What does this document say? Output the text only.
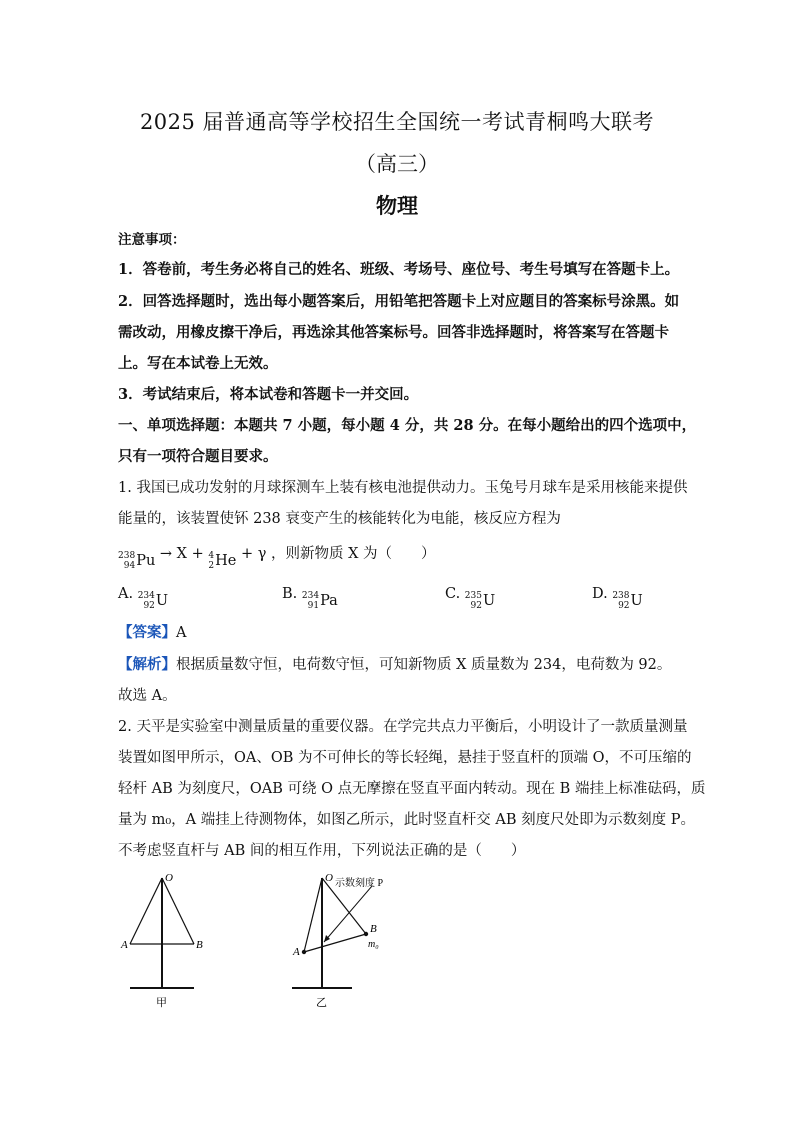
2025 届普通高等学校招生全国统一考试青桐鸣大联考
（高三）
物理
注意事项：
1．答卷前，考生务必将自己的姓名、班级、考场号、座位号、考生号填写在答题卡上。
2．回答选择题时，选出每小题答案后，用铅笔把答题卡上对应题目的答案标号涂黑。如
需改动，用橡皮擦干净后，再选涂其他答案标号。回答非选择题时，将答案写在答题卡
上。写在本试卷上无效。
3．考试结束后，将本试卷和答题卡一并交回。
一、单项选择题：本题共 7 小题，每小题 4 分，共 28 分。在每小题给出的四个选项中，
只有一项符合题目要求。
1. 我国已成功发射的月球探测车上装有核电池提供动力。玉兔号月球车是采用核能来提供
能量的，该装置使钚 238 衰变产生的核能转化为电能，核反应方程为
238
94 Pu → X + 4
2 He + γ ，则新物质 X 为（　　）
A. 234
92 U	B. 234
91 Pa	C. 235
92 U	D. 238
92 U
【答案】A
【解析】根据质量数守恒，电荷数守恒，可知新物质 X 质量数为 234，电荷数为 92。
故选 A。
2. 天平是实验室中测量质量的重要仪器。在学完共点力平衡后，小明设计了一款质量测量
装置如图甲所示，OA、OB 为不可伸长的等长轻绳，悬挂于竖直杆的顶端 O，不可压缩的
轻杆 AB 为刻度尺，OAB 可绕 O 点无摩擦在竖直平面内转动。现在 B 端挂上标准砝码，质
量为 m₀，A 端挂上待测物体，如图乙所示，此时竖直杆交 AB 刻度尺处即为示数刻度 P。
不考虑竖直杆与 AB 间的相互作用，下列说法正确的是（　　）
O
A	B
甲
O 示数刻度 P
A
B
m₀
乙
